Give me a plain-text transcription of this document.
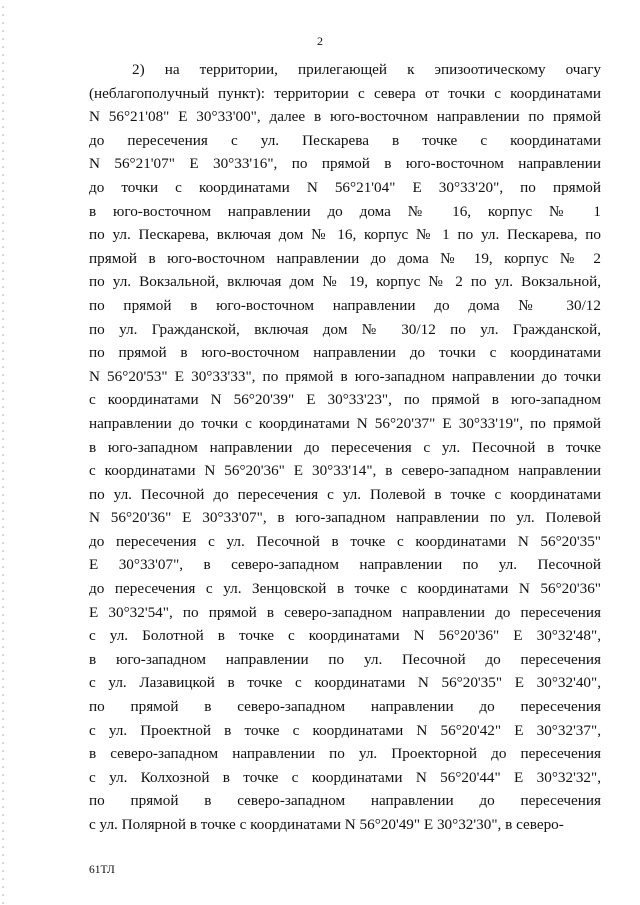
2
2) на территории, прилегающей к эпизоотическому очагу
(неблагополучный пункт): территории с севера от точки с координатами
N 56°21'08" E 30°33'00", далее в юго-восточном направлении по прямой
до пересечения с ул. Пескарева в точке с координатами
N 56°21'07" E 30°33'16", по прямой в юго-восточном направлении
до точки с координатами N 56°21'04" E 30°33'20", по прямой
в юго-восточном направлении до дома № 16, корпус № 1
по ул. Пескарева, включая дом № 16, корпус № 1 по ул. Пескарева, по
прямой в юго-восточном направлении до дома № 19, корпус № 2
по ул. Вокзальной, включая дом № 19, корпус № 2 по ул. Вокзальной,
по прямой в юго-восточном направлении до дома № 30/12
по ул. Гражданской, включая дом № 30/12 по ул. Гражданской,
по прямой в юго-восточном направлении до точки с координатами
N 56°20'53" E 30°33'33", по прямой в юго-западном направлении до точки
с координатами N 56°20'39" E 30°33'23", по прямой в юго-западном
направлении до точки с координатами N 56°20'37" E 30°33'19", по прямой
в юго-западном направлении до пересечения с ул. Песочной в точке
с координатами N 56°20'36" E 30°33'14", в северо-западном направлении
по ул. Песочной до пересечения с ул. Полевой в точке с координатами
N 56°20'36" E 30°33'07", в юго-западном направлении по ул. Полевой
до пересечения с ул. Песочной в точке с координатами N 56°20'35"
E 30°33'07", в северо-западном направлении по ул. Песочной
до пересечения с ул. Зенцовской в точке с координатами N 56°20'36"
E 30°32'54", по прямой в северо-западном направлении до пересечения
с ул. Болотной в точке с координатами N 56°20'36" E 30°32'48",
в юго-западном направлении по ул. Песочной до пересечения
с ул. Лазавицкой в точке с координатами N 56°20'35" E 30°32'40",
по прямой в северо-западном направлении до пересечения
с ул. Проектной в точке с координатами N 56°20'42" E 30°32'37",
в северо-западном направлении по ул. Проекторной до пересечения
с ул. Колхозной в точке с координатами N 56°20'44" E 30°32'32",
по прямой в северо-западном направлении до пересечения
с ул. Полярной в точке с координатами N 56°20'49" E 30°32'30", в северо-
61ТЛ
